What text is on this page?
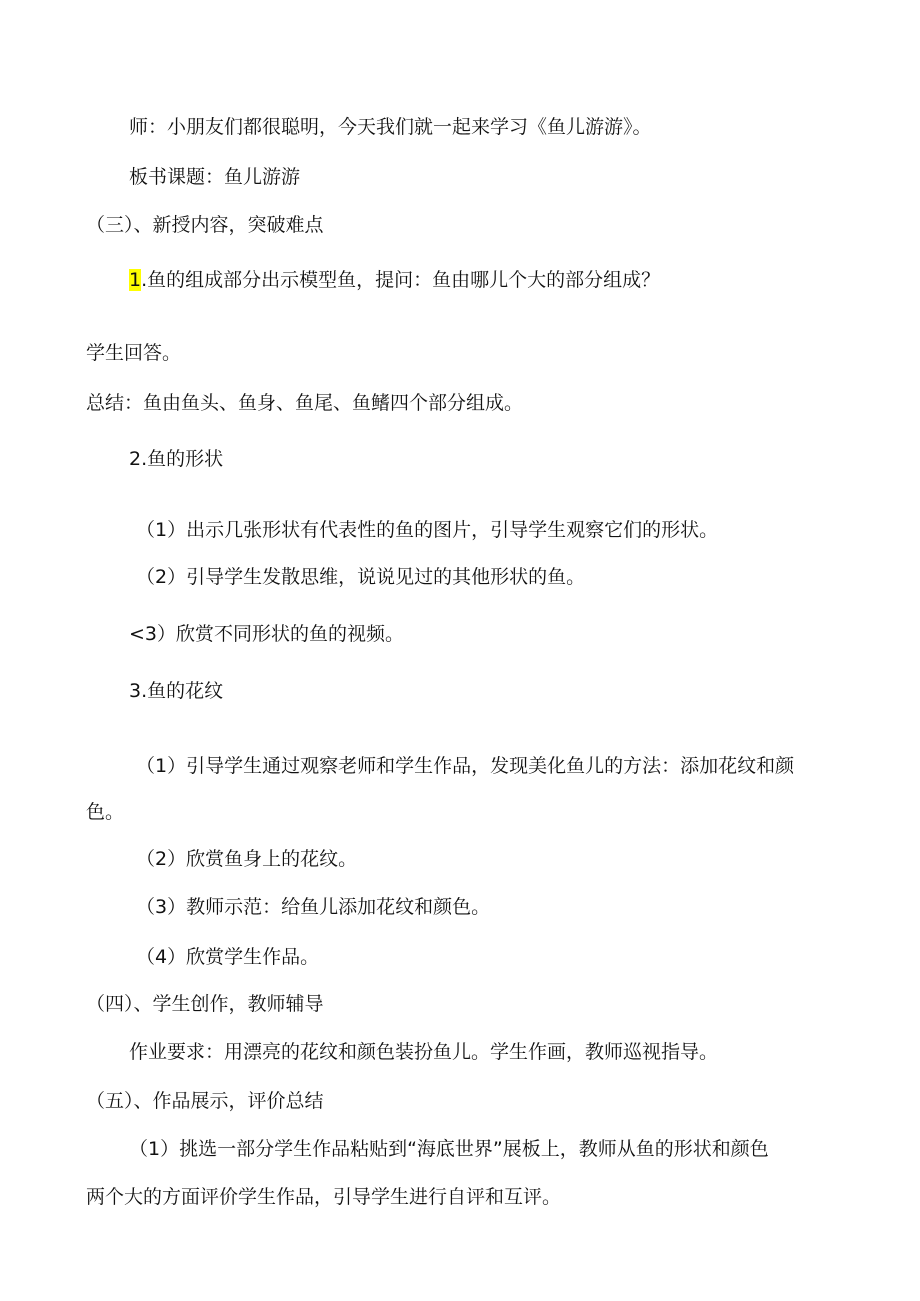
师：小朋友们都很聪明，今天我们就一起来学习《鱼儿游游》。

板书课题：鱼儿游游

（三）、新授内容，突破难点

1.鱼的组成部分出示模型鱼，提问：鱼由哪儿个大的部分组成？

学生回答。

总结：鱼由鱼头、鱼身、鱼尾、鱼鳍四个部分组成。

2.鱼的形状

（1）出示几张形状有代表性的鱼的图片，引导学生观察它们的形状。

（2）引导学生发散思维，说说见过的其他形状的鱼。

<3）欣赏不同形状的鱼的视频。

3.鱼的花纹

（1）引导学生通过观察老师和学生作品，发现美化鱼儿的方法：添加花纹和颜

色。

（2）欣赏鱼身上的花纹。

（3）教师示范：给鱼儿添加花纹和颜色。

（4）欣赏学生作品。

（四）、学生创作，教师辅导

作业要求：用漂亮的花纹和颜色装扮鱼儿。学生作画，教师巡视指导。

（五）、作品展示，评价总结

（1）挑选一部分学生作品粘贴到“海底世界”展板上，教师从鱼的形状和颜色

两个大的方面评价学生作品，引导学生进行自评和互评。
